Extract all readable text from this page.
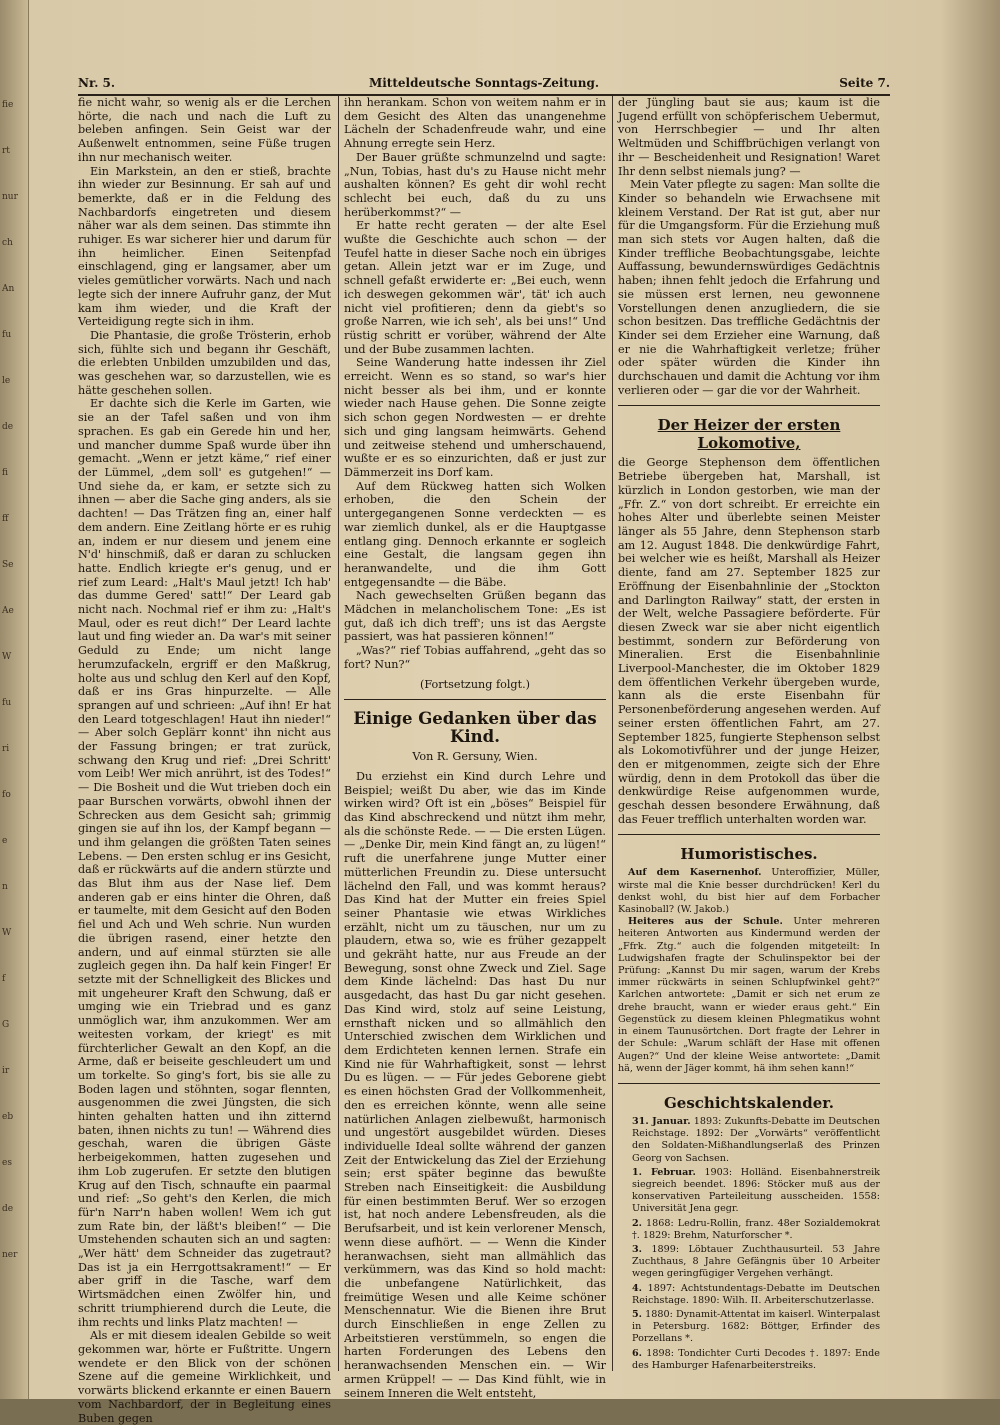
fie
rt
nur
ch
An
fu
le
de
fi
ff
Se
Ae
W
fu
ri
fo
e
n
W
f
G
ir
eb
es
de
ner
Nr. 5.	Mitteldeutsche Sonntags-Zeitung.	Seite 7.

fie nicht wahr, so wenig als er die Lerchen hörte, die nach und nach die Luft zu beleben anfingen. Sein Geist war der Außenwelt entnommen, seine Füße trugen ihn nur mechanisch weiter.

Ein Markstein, an den er stieß, brachte ihn wieder zur Besinnung. Er sah auf und bemerkte, daß er in die Feldung des Nachbardorfs eingetreten und diesem näher war als dem seinen. Das stimmte ihn ruhiger. Es war sicherer hier und darum für ihn heimlicher. Einen Seitenpfad einschlagend, ging er langsamer, aber um vieles gemütlicher vorwärts. Nach und nach legte sich der innere Aufruhr ganz, der Mut kam ihm wieder, und die Kraft der Verteidigung regte sich in ihm.

Die Phantasie, die große Trösterin, erhob sich, fühlte sich und begann ihr Geschäft, die erlebten Unbilden umzubilden und das, was geschehen war, so darzustellen, wie es hätte geschehen sollen.

Er dachte sich die Kerle im Garten, wie sie an der Tafel saßen und von ihm sprachen. Es gab ein Gerede hin und her, und mancher dumme Spaß wurde über ihn gemacht. „Wenn er jetzt käme,“ rief einer der Lümmel, „dem soll' es gutgehen!“ — Und siehe da, er kam, er setzte sich zu ihnen — aber die Sache ging anders, als sie dachten! — Das Trätzen fing an, einer half dem andern. Eine Zeitlang hörte er es ruhig an, indem er nur diesem und jenem eine N'd' hinschmiß, daß er daran zu schlucken hatte. Endlich kriegte er's genug, und er rief zum Leard: „Halt's Maul jetzt! Ich hab' das dumme Gered' satt!“ Der Leard gab nicht nach. Nochmal rief er ihm zu: „Halt's Maul, oder es reut dich!“ Der Leard lachte laut und fing wieder an. Da war's mit seiner Geduld zu Ende; um nicht lange herumzufackeln, ergriff er den Maßkrug, holte aus und schlug den Kerl auf den Kopf, daß er ins Gras hinpurzelte. — Alle sprangen auf und schrieen: „Auf ihn! Er hat den Leard totgeschlagen! Haut ihn nieder!“ — Aber solch Geplärr konnt' ihn nicht aus der Fassung bringen; er trat zurück, schwang den Krug und rief: „Drei Schritt' vom Leib! Wer mich anrührt, ist des Todes!“ — Die Bosheit und die Wut trieben doch ein paar Burschen vorwärts, obwohl ihnen der Schrecken aus dem Gesicht sah; grimmig gingen sie auf ihn los, der Kampf begann — und ihm gelangen die größten Taten seines Lebens. — Den ersten schlug er ins Gesicht, daß er rückwärts auf die andern stürzte und das Blut ihm aus der Nase lief. Dem anderen gab er eins hinter die Ohren, daß er taumelte, mit dem Gesicht auf den Boden fiel und Ach und Weh schrie. Nun wurden die übrigen rasend, einer hetzte den andern, und auf einmal stürzten sie alle zugleich gegen ihn. Da half kein Finger! Er setzte mit der Schnelligkeit des Blickes und mit ungeheurer Kraft den Schwung, daß er umging wie ein Triebrad und es ganz unmöglich war, ihm anzukommen. Wer am weitesten vorkam, der kriegt' es mit fürchterlicher Gewalt an den Kopf, an die Arme, daß er beiseite geschleudert um und um torkelte. So ging's fort, bis sie alle zu Boden lagen und stöhnten, sogar flennten, ausgenommen die zwei Jüngsten, die sich hinten gehalten hatten und ihn zitternd baten, ihnen nichts zu tun! — Während dies geschah, waren die übrigen Gäste herbeigekommen, hatten zugesehen und ihm Lob zugerufen. Er setzte den blutigen Krug auf den Tisch, schnaufte ein paarmal und rief: „So geht's den Kerlen, die mich für'n Narr'n haben wollen! Wem ich gut zum Rate bin, der läßt's bleiben!“ — Die Umstehenden schauten sich an und sagten: „Wer hätt' dem Schneider das zugetraut? Das ist ja ein Herrgottsakrament!“ — Er aber griff in die Tasche, warf dem Wirtsmädchen einen Zwölfer hin, und schritt triumphierend durch die Leute, die ihm rechts und links Platz machten! —

Als er mit diesem idealen Gebilde so weit gekommen war, hörte er Fußtritte. Ungern wendete er den Blick von der schönen Szene auf die gemeine Wirklichkeit, und vorwärts blickend erkannte er einen Bauern vom Nachbardorf, der in Begleitung eines Buben gegen

ihn herankam. Schon von weitem nahm er in dem Gesicht des Alten das unangenehme Lächeln der Schadenfreude wahr, und eine Ahnung erregte sein Herz.

Der Bauer grüßte schmunzelnd und sagte: „Nun, Tobias, hast du's zu Hause nicht mehr aushalten können? Es geht dir wohl recht schlecht bei euch, daß du zu uns herüberkommst?“ —

Er hatte recht geraten — der alte Esel wußte die Geschichte auch schon — der Teufel hatte in dieser Sache noch ein übriges getan. Allein jetzt war er im Zuge, und schnell gefaßt erwiderte er: „Bei euch, wenn ich deswegen gekommen wär', tät' ich auch nicht viel profitieren; denn da giebt's so große Narren, wie ich seh', als bei uns!“ Und rüstig schritt er vorüber, während der Alte und der Bube zusammen lachten.

Seine Wanderung hatte indessen ihr Ziel erreicht. Wenn es so stand, so war's hier nicht besser als bei ihm, und er konnte wieder nach Hause gehen. Die Sonne zeigte sich schon gegen Nordwesten — er drehte sich und ging langsam heimwärts. Gehend und zeitweise stehend und umherschauend, wußte er es so einzurichten, daß er just zur Dämmerzeit ins Dorf kam.

Auf dem Rückweg hatten sich Wolken erhoben, die den Schein der untergegangenen Sonne verdeckten — es war ziemlich dunkel, als er die Hauptgasse entlang ging. Dennoch erkannte er sogleich eine Gestalt, die langsam gegen ihn heranwandelte, und die ihm Gott entgegensandte — die Bäbe.

Nach gewechselten Grüßen begann das Mädchen in melancholischem Tone: „Es ist gut, daß ich dich treff'; uns ist das Aergste passiert, was hat passieren können!“

„Was?“ rief Tobias auffahrend, „geht das so fort? Nun?“

(Fortsetzung folgt.)
Einige Gedanken über das Kind.
Von R. Gersuny, Wien.

Du erziehst ein Kind durch Lehre und Beispiel; weißt Du aber, wie das im Kinde wirken wird? Oft ist ein „böses“ Beispiel für das Kind abschreckend und nützt ihm mehr, als die schönste Rede. — — Die ersten Lügen. — „Denke Dir, mein Kind fängt an, zu lügen!“ ruft die unerfahrene junge Mutter einer mütterlichen Freundin zu. Diese untersucht lächelnd den Fall, und was kommt heraus? Das Kind hat der Mutter ein freies Spiel seiner Phantasie wie etwas Wirkliches erzählt, nicht um zu täuschen, nur um zu plaudern, etwa so, wie es früher gezappelt und gekräht hatte, nur aus Freude an der Bewegung, sonst ohne Zweck und Ziel. Sage dem Kinde lächelnd: Das hast Du nur ausgedacht, das hast Du gar nicht gesehen. Das Kind wird, stolz auf seine Leistung, ernsthaft nicken und so allmählich den Unterschied zwischen dem Wirklichen und dem Erdichteten kennen lernen. Strafe ein Kind nie für Wahrhaftigkeit, sonst — lehrst Du es lügen. — — Für jedes Geborene giebt es einen höchsten Grad der Vollkommenheit, den es erreichen könnte, wenn alle seine natürlichen Anlagen zielbewußt, harmonisch und ungestört ausgebildet würden. Dieses individuelle Ideal sollte während der ganzen Zeit der Entwickelung das Ziel der Erziehung sein; erst später beginne das bewußte Streben nach Einseitigkeit: die Ausbildung für einen bestimmten Beruf. Wer so erzogen ist, hat noch andere Lebensfreuden, als die Berufsarbeit, und ist kein verlorener Mensch, wenn diese aufhört. — — Wenn die Kinder heranwachsen, sieht man allmählich das verkümmern, was das Kind so hold macht: die unbefangene Natürlichkeit, das freimütige Wesen und alle Keime schöner Menschennatur. Wie die Bienen ihre Brut durch Einschließen in enge Zellen zu Arbeitstieren verstümmeln, so engen die harten Forderungen des Lebens den heranwachsenden Menschen ein. — Wir armen Krüppel! — — Das Kind fühlt, wie in seinem Inneren die Welt entsteht,

der Jüngling baut sie aus; kaum ist die Jugend erfüllt von schöpferischem Uebermut, von Herrschbegier — und Ihr alten Weltmüden und Schiffbrüchigen verlangt von ihr — Bescheidenheit und Resignation! Waret Ihr denn selbst niemals jung? —

Mein Vater pflegte zu sagen: Man sollte die Kinder so behandeln wie Erwachsene mit kleinem Verstand. Der Rat ist gut, aber nur für die Umgangsform. Für die Erziehung muß man sich stets vor Augen halten, daß die Kinder treffliche Beobachtungsgabe, leichte Auffassung, bewundernswürdiges Gedächtnis haben; ihnen fehlt jedoch die Erfahrung und sie müssen erst lernen, neu gewonnene Vorstellungen denen anzugliedern, die sie schon besitzen. Das treffliche Gedächtnis der Kinder sei dem Erzieher eine Warnung, daß er nie die Wahrhaftigkeit verletze; früher oder später würden die Kinder ihn durchschauen und damit die Achtung vor ihm verlieren oder — gar die vor der Wahrheit.

Der Heizer der ersten Lokomotive,

die George Stephenson dem öffentlichen Betriebe übergeben hat, Marshall, ist kürzlich in London gestorben, wie man der „Ffr. Z.“ von dort schreibt. Er erreichte ein hohes Alter und überlebte seinen Meister länger als 55 Jahre, denn Stephenson starb am 12. August 1848. Die denkwürdige Fahrt, bei welcher wie es heißt, Marshall als Heizer diente, fand am 27. September 1825 zur Eröffnung der Eisenbahnlinie der „Stockton and Darlington Railway“ statt, der ersten in der Welt, welche Passagiere beförderte. Für diesen Zweck war sie aber nicht eigentlich bestimmt, sondern zur Beförderung von Mineralien. Erst die Eisenbahnlinie Liverpool-Manchester, die im Oktober 1829 dem öffentlichen Verkehr übergeben wurde, kann als die erste Eisenbahn für Personenbeförderung angesehen werden. Auf seiner ersten öffentlichen Fahrt, am 27. September 1825, fungierte Stephenson selbst als Lokomotivführer und der junge Heizer, den er mitgenommen, zeigte sich der Ehre würdig, denn in dem Protokoll das über die denkwürdige Reise aufgenommen wurde, geschah dessen besondere Erwähnung, daß das Feuer trefflich unterhalten worden war.

Humoristisches.

Auf dem Kasernenhof. Unteroffizier, Müller, wirste mal die Knie besser durchdrücken! Kerl du denkst wohl, du bist hier auf dem Forbacher Kasinoball? (W. Jakob.)

Heiteres aus der Schule. Unter mehreren heiteren Antworten aus Kindermund werden der „Ffrk. Ztg.“ auch die folgenden mitgeteilt: In Ludwigshafen fragte der Schulinspektor bei der Prüfung: „Kannst Du mir sagen, warum der Krebs immer rückwärts in seinen Schlupfwinkel geht?“ Karlchen antwortete: „Damit er sich net erum ze drehe braucht, wann er wieder eraus geht.“ Ein Gegenstück zu diesem kleinen Phlegmatikus wohnt in einem Taunusörtchen. Dort fragte der Lehrer in der Schule: „Warum schläft der Hase mit offenen Augen?“ Und der kleine Weise antwortete: „Damit hä, wenn der Jäger kommt, hä ihm sehen kann!“

Geschichtskalender.

31. Januar. 1893: Zukunfts-Debatte im Deutschen Reichstage. 1892: Der „Vorwärts“ veröffentlicht den Soldaten-Mißhandlungserlaß des Prinzen Georg von Sachsen.

1. Februar. 1903: Holländ. Eisenbahnerstreik siegreich beendet. 1896: Stöcker muß aus der konservativen Parteileitung ausscheiden. 1558: Universität Jena gegr.

2. 1868: Ledru-Rollin, franz. 48er Sozialdemokrat †. 1829: Brehm, Naturforscher *.

3. 1899: Löbtauer Zuchthausurteil. 53 Jahre Zuchthaus, 8 Jahre Gefängnis über 10 Arbeiter wegen geringfügiger Vergehen verhängt.

4. 1897: Achtstundentags-Debatte im Deutschen Reichstage. 1890: Wilh. II. Arbeiterschutzerlasse.

5. 1880: Dynamit-Attentat im kaiserl. Winterpalast in Petersburg. 1682: Böttger, Erfinder des Porzellans *.

6. 1898: Tondichter Curti Decodes †. 1897: Ende des Hamburger Hafenarbeiterstreiks.
